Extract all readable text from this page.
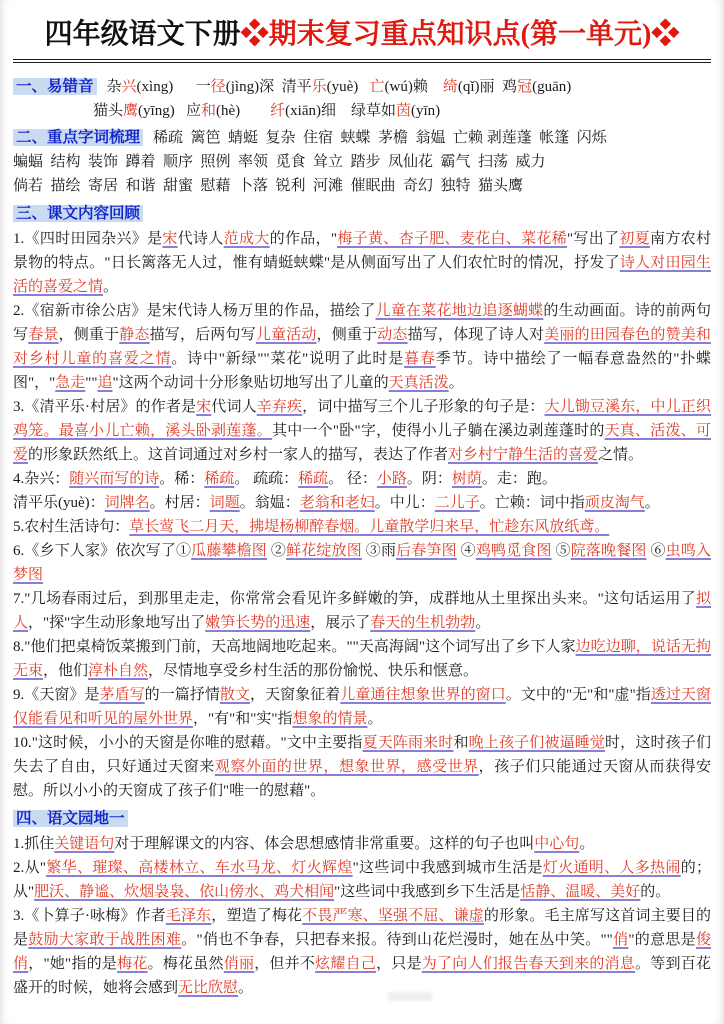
四年级语文下册❖期末复习重点知识点(第一单元)❖
一、易错音 杂兴(xìng)      一径(jìng)深  清平乐(yuè)   亡(wú)赖    绮(qǐ)丽  鸡冠(guān)
猫头鹰(yīng)   应和(hè)        纤(xiān)细    绿草如茵(yīn)
二、重点字词梳理 稀疏  篱笆  蜻蜓  复杂  住宿  蛱蝶  茅檐  翁媪  亡赖 剥莲蓬  帐篷  闪烁
蝙蝠  结构  装饰  蹲着  顺序  照例  率领  觅食  耸立  踏步  凤仙花  霸气  扫荡  威力
倘若  描绘  寄居  和谐  甜蜜  慰藉  卜落  锐利  河滩  催眠曲  奇幻  独特  猫头鹰
三、课文内容回顾
1.《四时田园杂兴》是宋代诗人范成大的作品，"梅子黄、杏子肥、麦花白、菜花稀"写出了初夏南方农村景物的特点。"日长篱落无人过，惟有蜻蜓蛱蝶"是从侧面写出了人们农忙时的情况，抒发了诗人对田园生活的喜爱之情。
2.《宿新市徐公店》是宋代诗人杨万里的作品，描绘了儿童在菜花地边追逐蝴蝶的生动画面。诗的前两句写春景，侧重于静态描写，后两句写儿童活动，侧重于动态描写，体现了诗人对美丽的田园春色的赞美和对乡村儿童的喜爱之情。诗中"新绿""菜花"说明了此时是暮春季节。诗中描绘了一幅春意盎然的"扑蝶图"，"急走""追"这两个动词十分形象贴切地写出了儿童的天真活泼。
3.《清平乐·村居》的作者是宋代词人辛弃疾，词中描写三个儿子形象的句子是：大儿锄豆溪东，中儿正织鸡笼。最喜小儿亡赖，溪头卧剥莲蓬。其中一个"卧"字，使得小儿子躺在溪边剥莲蓬时的天真、活泼、可爱的形象跃然纸上。这首词通过对乡村一家人的描写，表达了作者对乡村宁静生活的喜爱之情。
4.杂兴：随兴而写的诗。稀：稀疏。 疏疏：稀疏。 径：小路。阴：树荫。走：跑。
清平乐(yuè)：词牌名。村居：词题。翁媪：老翁和老妇。中儿：二儿子。亡赖：词中指顽皮淘气。
5.农村生活诗句：草长莺飞二月天，拂堤杨柳醉春烟。儿童散学归来早，忙趁东风放纸鸢。
6.《乡下人家》依次写了①瓜藤攀檐图 ②鲜花绽放图 ③雨后春笋图 ④鸡鸭觅食图 ⑤院落晚餐图 ⑥虫鸣入梦图
7."几场春雨过后，到那里走走，你常常会看见许多鲜嫩的笋，成群地从土里探出头来。"这句话运用了拟人，"探"字生动形象地写出了嫩笋长势的迅速，展示了春天的生机勃勃。
8."他们把桌椅饭菜搬到门前，天高地阔地吃起来。""天高海阔"这个词写出了乡下人家边吃边聊，说话无拘无束，他们淳朴自然，尽情地享受乡村生活的那份愉悦、快乐和惬意。
9.《天窗》是茅盾写的一篇抒情散文，天窗象征着儿童通往想象世界的窗口。文中的"无"和"虚"指透过天窗仅能看见和听见的屋外世界，"有"和"实"指想象的情景。
10."这时候，小小的天窗是你唯的慰藉。"文中主要指夏天阵雨来时和晚上孩子们被逼睡觉时，这时孩子们失去了自由，只好通过天窗来观察外面的世界，想象世界，感受世界，孩子们只能通过天窗从而获得安慰。所以小小的天窗成了孩子们"唯一的慰藉"。
四、语文园地一
1.抓住关键语句对于理解课文的内容、体会思想感情非常重要。这样的句子也叫中心句。
2.从"繁华、璀璨、高楼林立、车水马龙、灯火辉煌"这些词中我感到城市生活是灯火通明、人多热闹的；从"肥沃、静谧、炊烟袅袅、依山傍水、鸡犬相闻"这些词中我感到乡下生活是恬静、温暖、美好的。
3.《卜算子·咏梅》作者毛泽东，塑造了梅花不畏严寒、坚强不屈、谦虚的形象。毛主席写这首词主要目的是鼓励大家敢于战胜困难。"俏也不争春，只把春来报。待到山花烂漫时，她在丛中笑。""俏"的意思是俊俏，"她"指的是梅花。梅花虽然俏丽，但并不炫耀自己，只是为了向人们报告春天到来的消息。等到百花盛开的时候，她将会感到无比欣慰。
